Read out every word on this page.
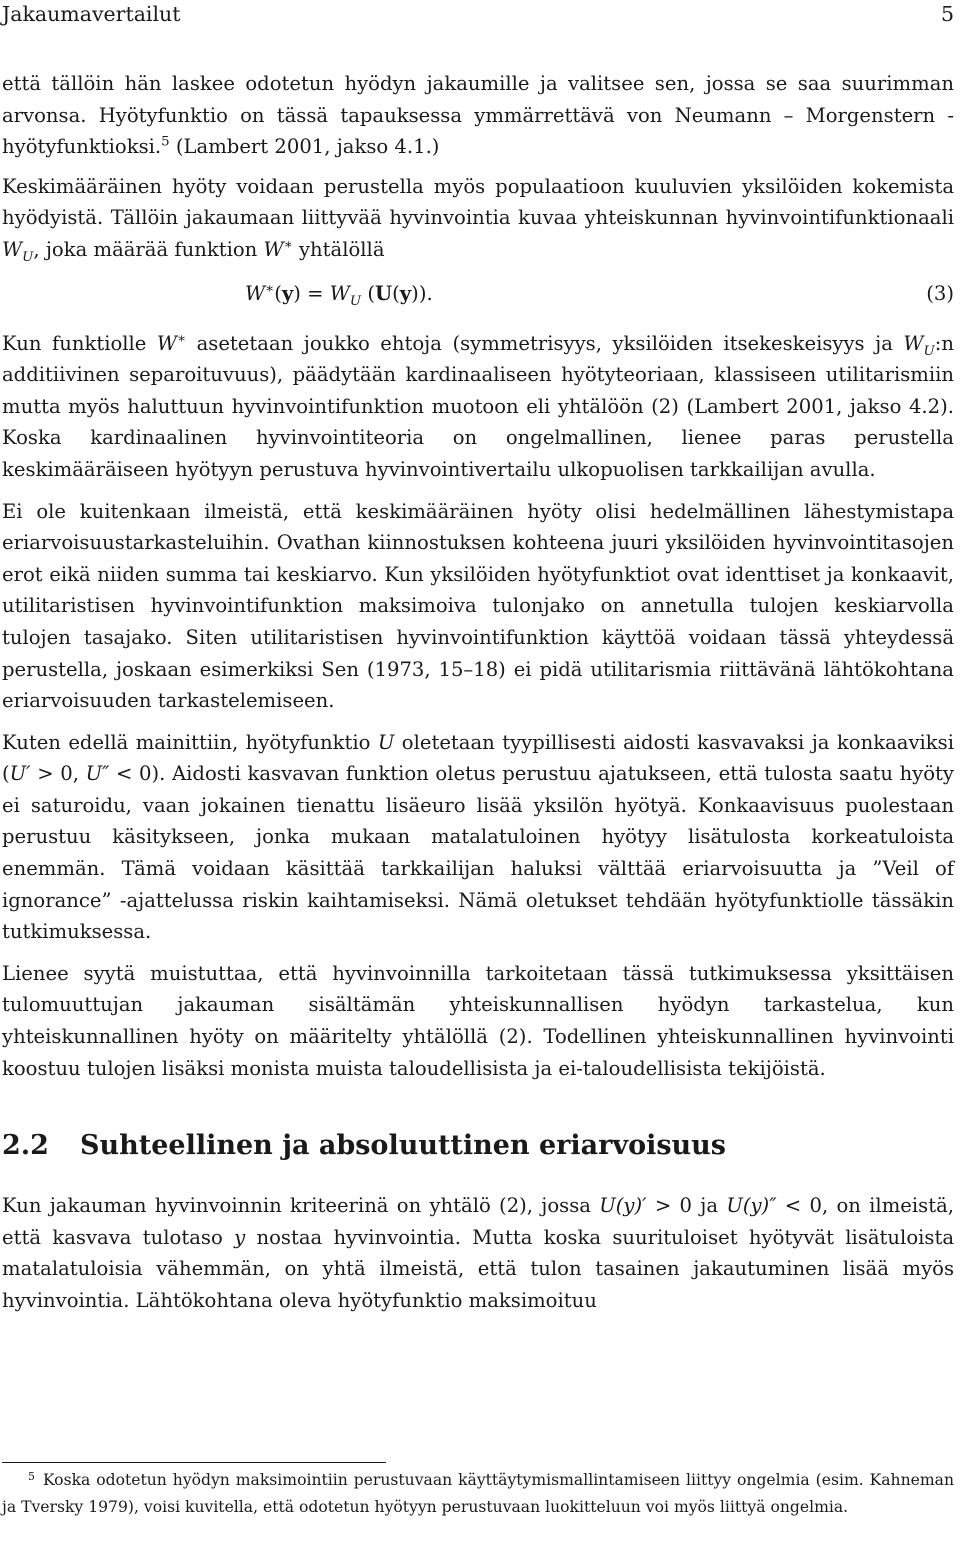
Jakaumavertailut	5

että tällöin hän laskee odotetun hyödyn jakaumille ja valitsee sen, jossa se saa suurimman arvonsa. Hyötyfunktio on tässä tapauksessa ymmärrettävä von Neumann – Morgenstern -hyötyfunktioksi.$^5$ (Lambert 2001, jakso 4.1.)

Keskimääräinen hyöty voidaan perustella myös populaatioon kuuluvien yksilöiden kokemista hyödyistä. Tällöin jakaumaan liittyvää hyvinvointia kuvaa yhteiskunnan hyvinvointifunktionaali $W_U$, joka määrää funktion W∗ yhtälöllä

$W^∗(y) = W_U$ (U(y)).	(3)

Kun funktiolle W∗ asetetaan joukko ehtoja (symmetrisyys, yksilöiden itsekeskeisyys ja $W_U:n$ additiivinen separoituvuus), päädytään kardinaaliseen hyötyteoriaan, klassiseen utilitarismiin mutta myös haluttuun hyvinvointifunktion muotoon eli yhtälöön (2) (Lambert 2001, jakso 4.2). Koska kardinaalinen hyvinvointiteoria on ongelmallinen, lienee paras perustella keskimääräiseen hyötyyn perustuva hyvinvointivertailu ulkopuolisen tarkkailijan avulla.

Ei ole kuitenkaan ilmeistä, että keskimääräinen hyöty olisi hedelmällinen lähestymistapa eriarvoisuustarkasteluihin. Ovathan kiinnostuksen kohteena juuri yksilöiden hyvinvointitasojen erot eikä niiden summa tai keskiarvo. Kun yksilöiden hyötyfunktiot ovat identtiset ja konkaavit, utilitaristisen hyvinvointifunktion maksimoiva tulonjako on annetulla tulojen keskiarvolla tulojen tasajako. Siten utilitaristisen hyvinvointifunktion käyttöä voidaan tässä yhteydessä perustella, joskaan esimerkiksi Sen (1973, 15–18) ei pidä utilitarismia riittävänä lähtökohtana eriarvoisuuden tarkastelemiseen.

Kuten edellä mainittiin, hyötyfunktio U oletetaan tyypillisesti aidosti kasvavaksi ja konkaaviksi (U′ > 0, U″ < 0). Aidosti kasvavan funktion oletus perustuu ajatukseen, että tulosta saatu hyöty ei saturoidu, vaan jokainen tienattu lisäeuro lisää yksilön hyötyä. Konkaavisuus puolestaan perustuu käsitykseen, jonka mukaan matalatuloinen hyötyy lisätulosta korkeatuloista enemmän. Tämä voidaan käsittää tarkkailijan haluksi välttää eriarvoisuutta ja ”Veil of ignorance” -ajattelussa riskin kaihtamiseksi. Nämä oletukset tehdään hyötyfunktiolle tässäkin tutkimuksessa.

Lienee syytä muistuttaa, että hyvinvoinnilla tarkoitetaan tässä tutkimuksessa yksittäisen tulomuuttujan jakauman sisältämän yhteiskunnallisen hyödyn tarkastelua, kun yhteiskunnallinen hyöty on määritelty yhtälöllä (2). Todellinen yhteiskunnallinen hyvinvointi koostuu tulojen lisäksi monista muista taloudellisista ja ei-taloudellisista tekijöistä.

2.2 Suhteellinen ja absoluuttinen eriarvoisuus

Kun jakauman hyvinvoinnin kriteerinä on yhtälö (2), jossa U(y)′ > 0 ja U(y)″ < 0, on ilmeistä, että kasvava tulotaso y nostaa hyvinvointia. Mutta koska suurituloiset hyötyvät lisätuloista matalatuloisia vähemmän, on yhtä ilmeistä, että tulon tasainen jakautuminen lisää myös hyvinvointia. Lähtökohtana oleva hyötyfunktio maksimoituu

$^5$ Koska odotetun hyödyn maksimointiin perustuvaan käyttäytymismallintamiseen liittyy ongelmia (esim. Kahneman ja Tversky 1979), voisi kuvitella, että odotetun hyötyyn perustuvaan luokitteluun voi myös liittyä ongelmia.
